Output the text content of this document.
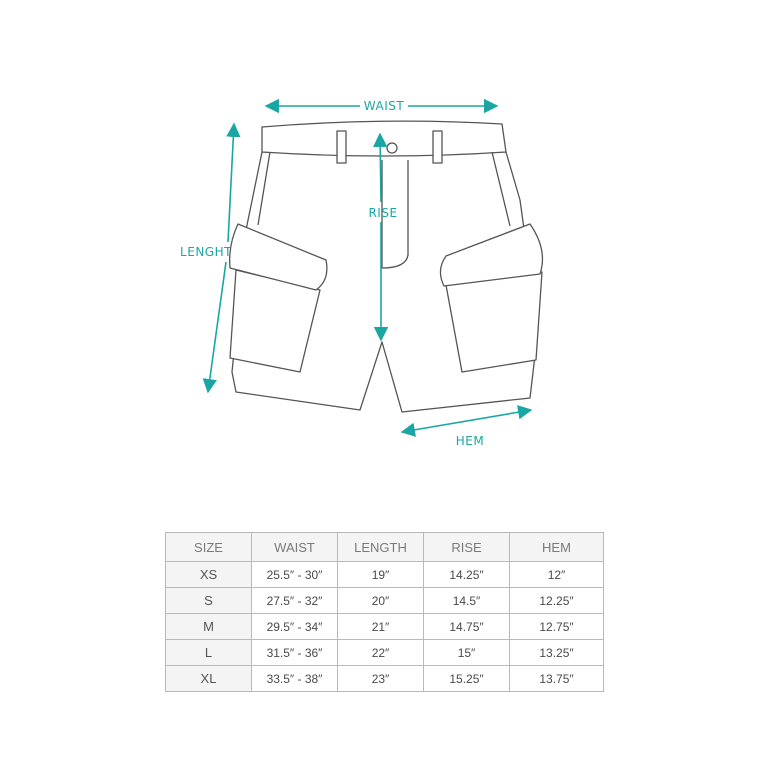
WAIST
LENGHT
RISE
HEM
SIZE	WAIST	LENGTH	RISE	HEM
XS	25.5″ - 30″	19″	14.25″	12″
S	27.5″ - 32″	20″	14.5″	12.25″
M	29.5″ - 34″	21″	14.75″	12.75″
L	31.5″ - 36″	22″	15″	13.25″
XL	33.5″ - 38″	23″	15.25″	13.75″
